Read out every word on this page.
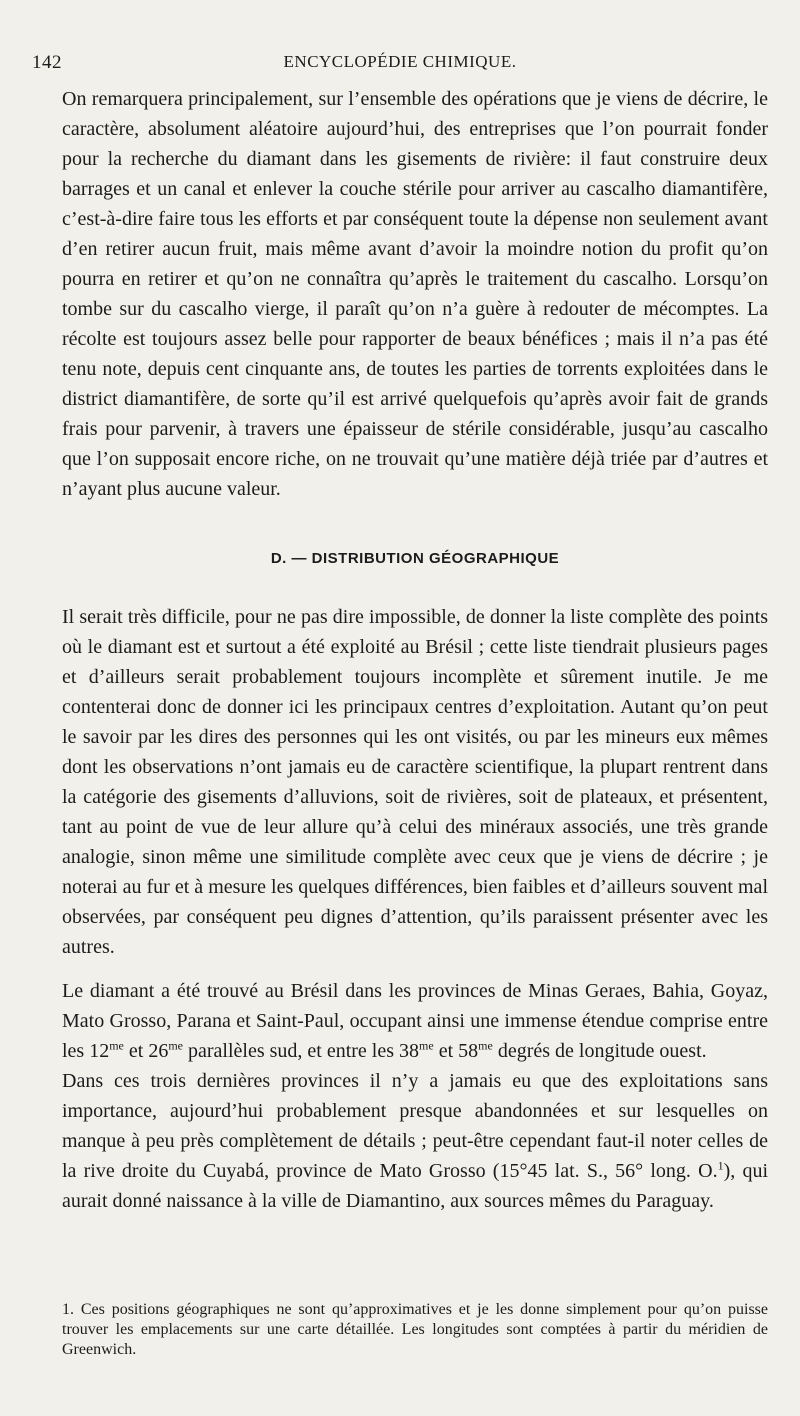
142	ENCYCLOPÉDIE CHIMIQUE.

On remarquera principalement, sur l’ensemble des opérations que je viens de décrire, le caractère, absolument aléatoire aujourd’hui, des entreprises que l’on pourrait fonder pour la recherche du diamant dans les gisements de rivière: il faut construire deux barrages et un canal et enlever la couche stérile pour arriver au cascalho diamantifère, c’est-à-dire faire tous les efforts et par conséquent toute la dépense non seulement avant d’en retirer aucun fruit, mais même avant d’avoir la moindre notion du profit qu’on pourra en retirer et qu’on ne connaîtra qu’après le traitement du cascalho. Lorsqu’on tombe sur du cascalho vierge, il paraît qu’on n’a guère à redouter de mécomptes. La récolte est toujours assez belle pour rapporter de beaux bénéfices ; mais il n’a pas été tenu note, depuis cent cinquante ans, de toutes les parties de torrents exploitées dans le district diamantifère, de sorte qu’il est arrivé quelquefois qu’après avoir fait de grands frais pour parvenir, à travers une épaisseur de stérile considérable, jusqu’au cascalho que l’on supposait encore riche, on ne trouvait qu’une matière déjà triée par d’autres et n’ayant plus aucune valeur.

D. — DISTRIBUTION GÉOGRAPHIQUE

Il serait très difficile, pour ne pas dire impossible, de donner la liste complète des points où le diamant est et surtout a été exploité au Brésil ; cette liste tiendrait plusieurs pages et d’ailleurs serait probablement toujours incomplète et sûrement inutile. Je me contenterai donc de donner ici les principaux centres d’exploitation. Autant qu’on peut le savoir par les dires des personnes qui les ont visités, ou par les mineurs eux mêmes dont les observations n’ont jamais eu de caractère scientifique, la plupart rentrent dans la catégorie des gisements d’alluvions, soit de rivières, soit de plateaux, et présentent, tant au point de vue de leur allure qu’à celui des minéraux associés, une très grande analogie, sinon même une similitude complète avec ceux que je viens de décrire ; je noterai au fur et à mesure les quelques différences, bien faibles et d’ailleurs souvent mal observées, par conséquent peu dignes d’attention, qu’ils paraissent présenter avec les autres.

Le diamant a été trouvé au Brésil dans les provinces de Minas Geraes, Bahia, Goyaz, Mato Grosso, Parana et Saint-Paul, occupant ainsi une immense étendue comprise entre les $12^{me}$ et $26^{me}$ parallèles sud, et entre les $38^{me}$ et $58^{me}$ degrés de longitude ouest.

Dans ces trois dernières provinces il n’y a jamais eu que des exploitations sans importance, aujourd’hui probablement presque abandonnées et sur lesquelles on manque à peu près complètement de détails ; peut-être cependant faut-il noter celles de la rive droite du Cuyabá, province de Mato Grosso (15°45 lat. S., 56° long. O.$^1$), qui aurait donné naissance à la ville de Diamantino, aux sources mêmes du Paraguay.

1. Ces positions géographiques ne sont qu’approximatives et je les donne simplement pour qu’on puisse trouver les emplacements sur une carte détaillée. Les longitudes sont comptées à partir du méridien de Greenwich.
